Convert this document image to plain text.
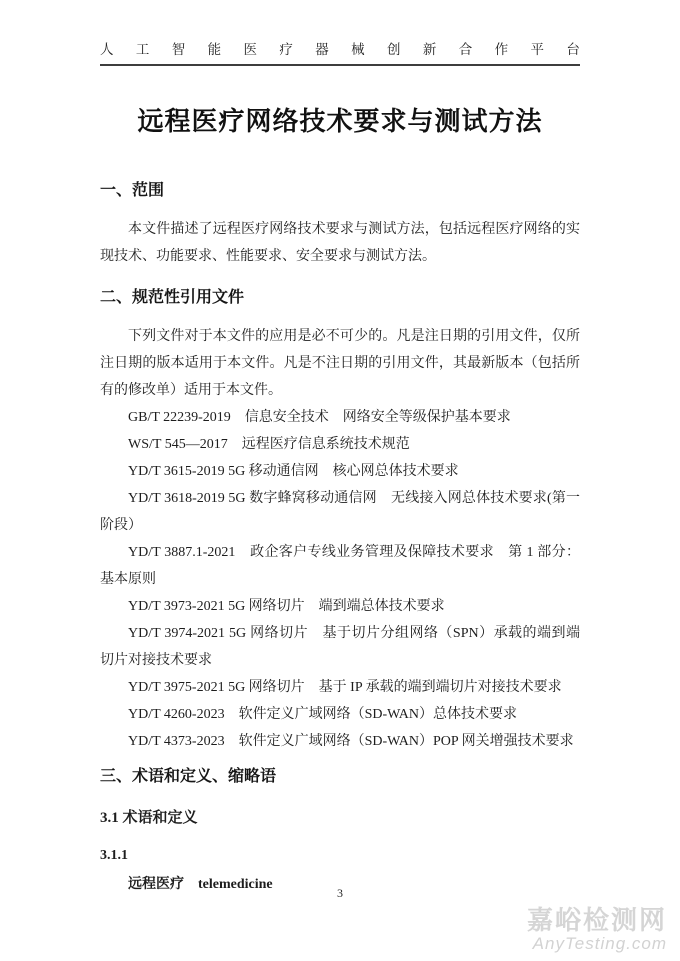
人 工 智 能 医 疗 器 械 创 新 合 作 平 台
远程医疗网络技术要求与测试方法
一、范围

本文件描述了远程医疗网络技术要求与测试方法，包括远程医疗网络的实现技术、功能要求、性能要求、安全要求与测试方法。

二、规范性引用文件

下列文件对于本文件的应用是必不可少的。凡是注日期的引用文件，仅所注日期的版本适用于本文件。凡是不注日期的引用文件，其最新版本（包括所有的修改单）适用于本文件。

GB/T 22239-2019　信息安全技术　网络安全等级保护基本要求

WS/T 545—2017　远程医疗信息系统技术规范

YD/T 3615-2019 5G 移动通信网　核心网总体技术要求

YD/T 3618-2019 5G 数字蜂窝移动通信网　无线接入网总体技术要求(第一阶段）

YD/T 3887.1-2021　政企客户专线业务管理及保障技术要求　第 1 部分：基本原则

YD/T 3973-2021 5G 网络切片　端到端总体技术要求

YD/T 3974-2021 5G 网络切片　基于切片分组网络（SPN）承载的端到端切片对接技术要求

YD/T 3975-2021 5G 网络切片　基于 IP 承载的端到端切片对接技术要求

YD/T 4260-2023　软件定义广域网络（SD-WAN）总体技术要求

YD/T 4373-2023　软件定义广域网络（SD-WAN）POP 网关增强技术要求

三、术语和定义、缩略语
3.1 术语和定义
3.1.1
远程医疗 telemedicine
3
嘉峪检测网
AnyTesting.com
